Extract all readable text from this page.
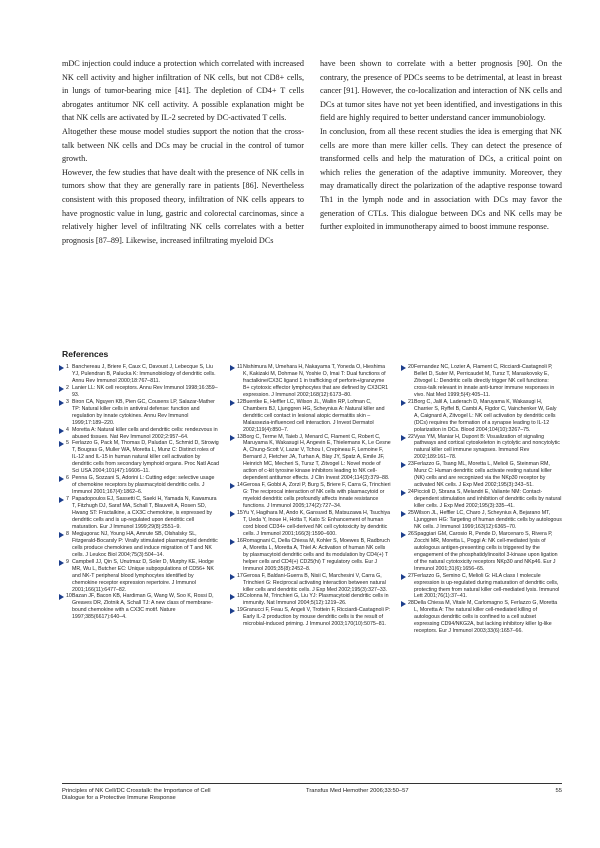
mDC injection could induce a protection which correlated with increased NK cell activity and higher infiltration of NK cells, but not CD8+ cells, in lungs of tumor-bearing mice [41]. The depletion of CD4+ T cells abrogates antitumor NK cell activity. A possible explanation might be that NK cells are activated by IL-2 secreted by DC-activated T cells.

Altogether these mouse model studies support the notion that the cross-talk between NK cells and DCs may be crucial in the control of tumor growth.

However, the few studies that have dealt with the presence of NK cells in tumors show that they are generally rare in patients [86]. Nevertheless consistent with this proposed theory, infiltration of NK cells appears to have prognostic value in lung, gastric and colorectal carcinomas, since a relatively higher level of infiltrating NK cells correlates with a better prognosis [87–89]. Likewise, increased infiltrating myeloid DCs

have been shown to correlate with a better prognosis [90]. On the contrary, the presence of PDCs seems to be detrimental, at least in breast cancer [91]. However, the co-localization and interaction of NK cells and DCs at tumor sites have not yet been identified, and investigations in this field are highly required to better understand cancer immunobiology.

In conclusion, from all these recent studies the idea is emerging that NK cells are more than mere killer cells. They can detect the presence of transformed cells and help the maturation of DCs, a critical point on which relies the generation of the adaptive immunity. Moreover, they may dramatically direct the polarization of the adaptive response toward Th1 in the lymph node and in association with DCs may favor the generation of CTLs. This dialogue between DCs and NK cells may be further exploited in immunotherapy aimed to boost immune response.

References
1 Banchereau J, Briere F, Caux C, Davoust J, Lebecque S, Liu YJ, Pulendran B, Palucka K: Immunobiology of dendritic cells. Annu Rev Immunol 2000;18:767–811.
2 Lanier LL: NK cell receptors. Annu Rev Immunol 1998;16:359–93.
3 Biron CA, Nguyen KB, Pien GC, Cousens LP, Salazar-Mather TP: Natural killer cells in antiviral defense: function and regulation by innate cytokines. Annu Rev Immunol 1999;17:189–220.
4 Moretta A: Natural killer cells and dendritic cells: rendezvous in abused tissues. Nat Rev Immunol 2002;2:957–64.
5 Ferlazzo G, Pack M, Thomas D, Paludan C, Schmid D, Strowig T, Bougras G, Muller WA, Moretta L, Munz C: Distinct roles of IL-12 and IL-15 in human natural killer cell activation by dendritic cells from secondary lymphoid organs. Proc Natl Acad Sci USA 2004;101(47):16606–11.
6 Penna G, Sozzani S, Adorini L: Cutting edge: selective usage of chemokine receptors by plasmacytoid dendritic cells. J Immunol 2001;167(4):1862–6.
7 Papadopoulos EJ, Sassetti C, Saeki H, Yamada N, Kawamura T, Fitzhugh DJ, Saraf MA, Schall T, Blauvelt A, Rosen SD, Hwang ST: Fractalkine, a CX3C chemokine, is expressed by dendritic cells and is up-regulated upon dendritic cell maturation. Eur J Immunol 1999;29(8):2551–9.
8 Megjugorac NJ, Young HA, Amrute SB, Olshalsky SL, Fitzgerald-Bocarsly P: Virally stimulated plasmacytoid dendritic cells produce chemokines and induce migration of T and NK cells. J Leukoc Biol 2004;75(3):504–14.
9 Campbell JJ, Qin S, Unutmaz D, Soler D, Murphy KE, Hodge MR, Wu L, Butcher EC: Unique subpopulations of CD56+ NK and NK-T peripheral blood lymphocytes identified by chemokine receptor expression repertoire. J Immunol 2001;166(11):6477–82.
10 Bazan JF, Bacon KB, Hardiman G, Wang W, Soo K, Rossi D, Greaves DR, Zlotnik A, Schall TJ: A new class of membrane-bound chemokine with a CX3C motif. Nature 1997;385(6617):640–4.
11 Nishimura M, Umehara H, Nakayama T, Yoneda O, Hieshima K, Kakizaki M, Dohmae N, Yoshie O, Imai T: Dual functions of fractalkine/CX3C ligand 1 in trafficking of perforin+/granzyme B+ cytotoxic effector lymphocytes that are defined by CX3CR1 expression. J Immunol 2002;168(12):6173–80.
12 Buentke E, Heffler LC, Wilson JL, Wallin RP, Lofman C, Chambers BJ, Ljunggren HG, Scheynius A: Natural killer and dendritic cell contact in lesional atopic dermatitis skin –Malassezia-influenced cell interaction. J Invest Dermatol 2002;119(4):850–7.
13 Borg C, Terme M, Taieb J, Menard C, Flament C, Robert C, Maruyama K, Wakasugi H, Angevin E, Thielemans K, Le Cesne A, Chung-Scott V, Lazar V, Tchou I, Crepineau F, Lemoine F, Bernard J, Fletcher JA, Turhan A, Blay JY, Spatz A, Emile JF, Heinrich MC, Mecheri S, Tursz T, Zitvogel L: Novel mode of action of c-kit tyrosine kinase inhibitors leading to NK cell-dependent antitumor effects. J Clin Invest 2004;114(3):379–88.
14 Gerosa F, Gobbi A, Zorzi P, Burg S, Briere F, Carra G, Trinchieri G: The reciprocal interaction of NK cells with plasmacytoid or myeloid dendritic cells profoundly affects innate resistance functions. J Immunol 2005;174(2):727–34.
15 Yu Y, Hagihara M, Ando K, Gansuvd B, Matsuzawa H, Tsuchiya T, Ueda Y, Inoue H, Hotta T, Kato S: Enhancement of human cord blood CD34+ cell-derived NK cell cytotoxicity by dendritic cells. J Immunol 2001;166(3):1590–600.
16 Romagnani C, Della Chiesa M, Kohler S, Moewes B, Radbruch A, Moretta L, Moretta A, Thiel A: Activation of human NK cells by plasmacytoid dendritic cells and its modulation by CD4(+) T helper cells and CD4(+) CD25(hi) T regulatory cells. Eur J Immunol 2005;35(8):2452–8.
17 Gerosa F, Baldani-Guerra B, Nisii C, Marchesini V, Carra G, Trinchieri G: Reciprocal activating interaction between natural killer cells and dendritic cells. J Exp Med 2002;195(3):327–33.
18 Colonna M, Trinchieri G, Liu YJ: Plasmacytoid dendritic cells in immunity. Nat Immunol 2004;5(12):1219–26.
19 Granucci F, Feau S, Angeli V, Trottein F, Ricciardi-Castagnoli P: Early IL-2 production by mouse dendritic cells is the result of microbial-induced priming. J Immunol 2003;170(10):5075–81.
20 Fernandez NC, Lozier A, Flament C, Ricciardi-Castagnoli P, Bellet D, Suter M, Perricaudet M, Tursz T, Maraskovsky E, Zitvogel L: Dendritic cells directly trigger NK cell functions: cross-talk relevant in innate anti-tumor immune responses in vivo. Nat Med 1999;5(4):405–11.
21 Borg C, Jalil A, Laderach D, Maruyama K, Wakasugi H, Charrier S, Ryffel B, Cambi A, Figdor C, Vainchenker W, Galy A, Caignard A, Zitvogel L: NK cell activation by dendritic cells (DCs) requires the formation of a synapse leading to IL-12 polarization in DCs. Blood 2004;104(10):3267–75.
22 Vyas YM, Maniar H, Dupont B: Visualization of signaling pathways and cortical cytoskeleton in cytolytic and noncytolytic natural killer cell immune synapses. Immunol Rev 2002;189:161–78.
23 Ferlazzo G, Tsang ML, Moretta L, Melioli G, Steinman RM, Munz C: Human dendritic cells activate resting natural killer (NK) cells and are recognized via the NKp30 receptor by activated NK cells. J Exp Med 2002;195(3):343–51.
24 Piccioli D, Sbrana S, Melandri E, Valiante NM: Contact-dependent stimulation and inhibition of dendritic cells by natural killer cells. J Exp Med 2002;195(3):335–41.
25 Wilson JL, Heffler LC, Charo J, Scheynius A, Bejarano MT, Ljunggren HG: Targeting of human dendritic cells by autologous NK cells. J Immunol 1999;163(12):6365–70.
26 Spaggiari GM, Carosio R, Pende D, Marcenaro S, Rivera P, Zocchi MR, Moretta L, Poggi A: NK cell-mediated lysis of autologous antigen-presenting cells is triggered by the engagement of the phosphatidylinositol 3-kinase upon ligation of the natural cytotoxicity receptors NKp30 and NKp46. Eur J Immunol 2001;31(6):1656–65.
27 Ferlazzo G, Semino C, Melioli G: HLA class I molecule expression is up-regulated during maturation of dendritic cells, protecting them from natural killer cell-mediated lysis. Immunol Lett 2001;76(1):37–41.
28 Della Chiesa M, Vitale M, Carlomagno S, Ferlazzo G, Moretta L, Moretta A: The natural killer cell-mediated killing of autologous dendritic cells is confined to a cell subset expressing CD94/NKG2A, but lacking inhibitory killer Ig-like receptors. Eur J Immunol 2003;33(6):1657–66.
Principles of NK Cell/DC Crosstalk: the Importance of Cell Dialogue for a Protective Immune Response
Transfus Med Hemother 2006;33:50–57	55
